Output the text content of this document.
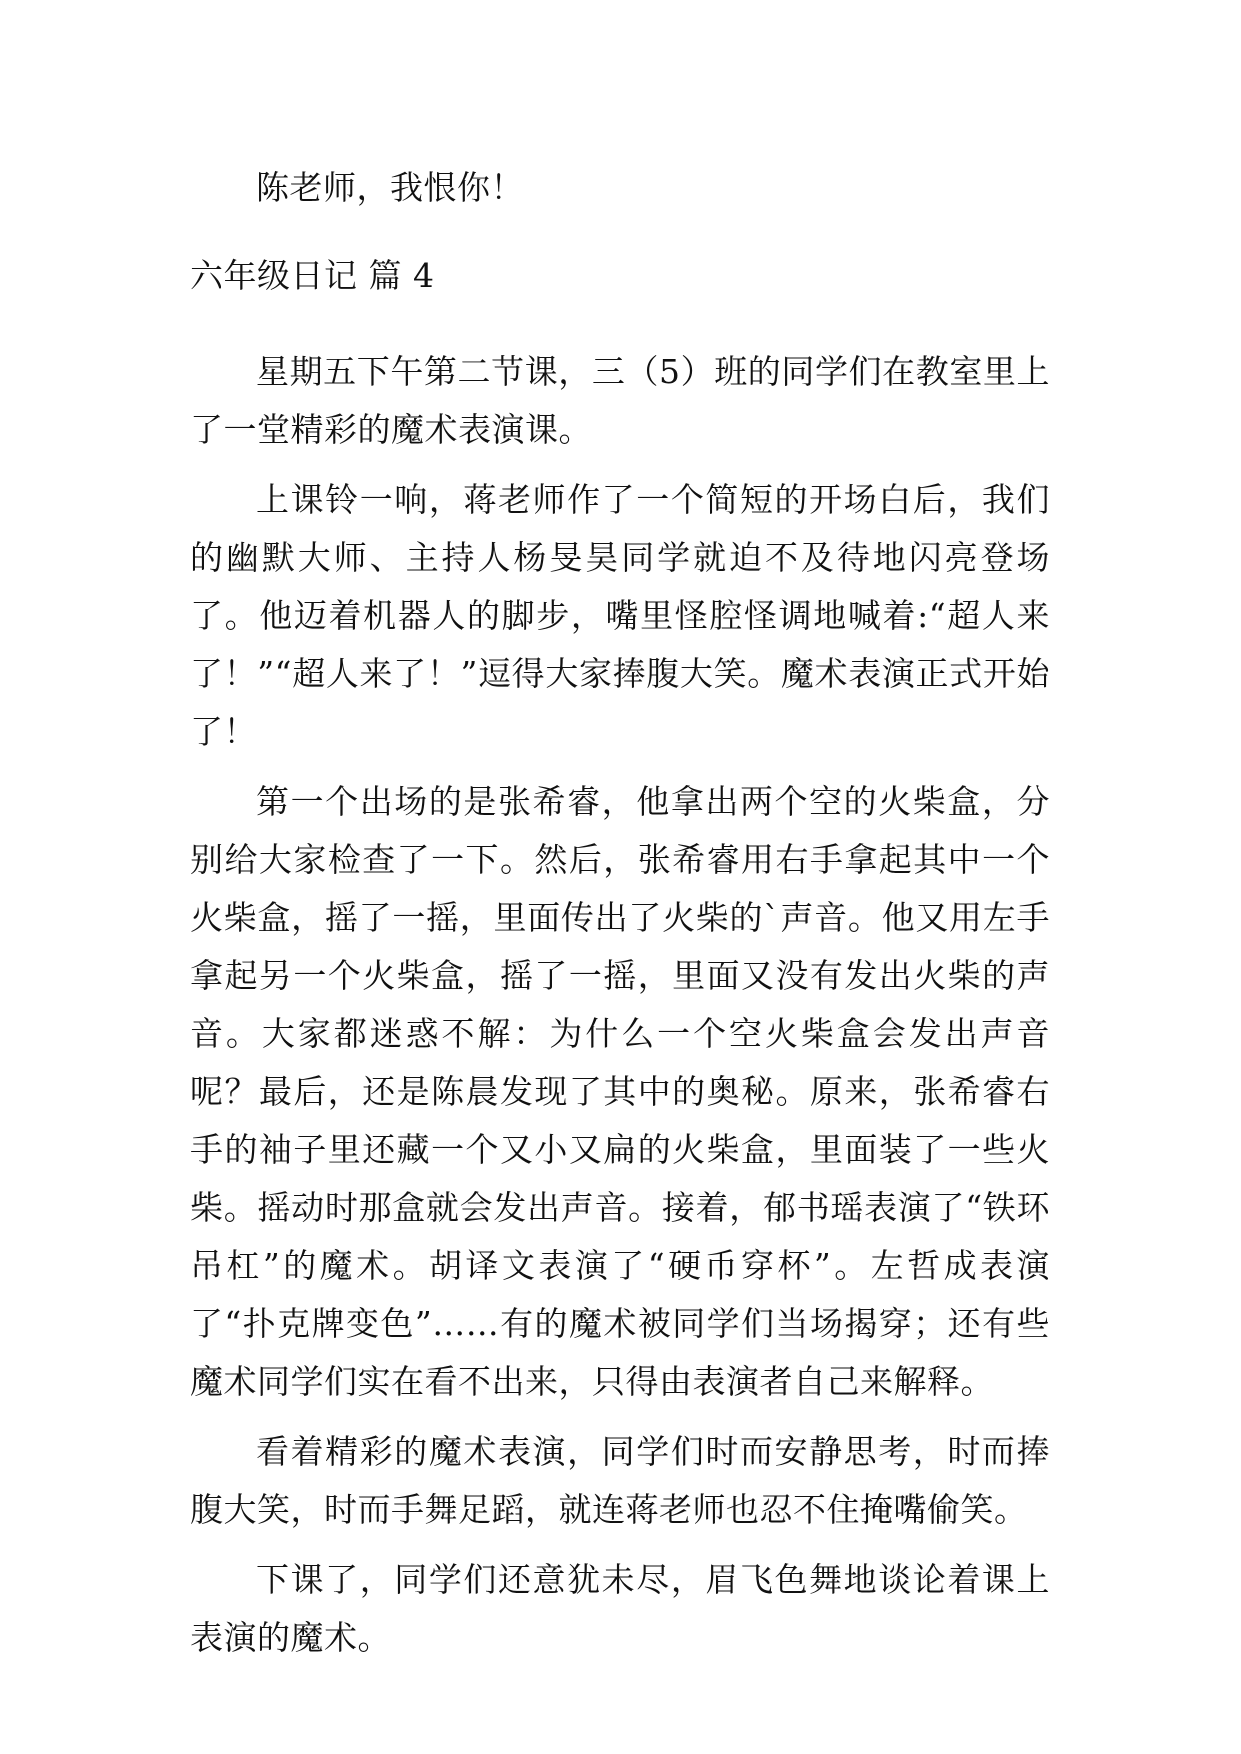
陈老师，我恨你！
六年级日记 篇 4

星期五下午第二节课，三（5）班的同学们在教室里上了一堂精彩的魔术表演课。

上课铃一响，蒋老师作了一个简短的开场白后，我们的幽默大师、主持人杨旻昊同学就迫不及待地闪亮登场了。他迈着机器人的脚步，嘴里怪腔怪调地喊着:“超人来了！”“超人来了！”逗得大家捧腹大笑。魔术表演正式开始了！

第一个出场的是张希睿，他拿出两个空的火柴盒，分别给大家检查了一下。然后，张希睿用右手拿起其中一个火柴盒，摇了一摇，里面传出了火柴的`声音。他又用左手拿起另一个火柴盒，摇了一摇，里面又没有发出火柴的声音。大家都迷惑不解：为什么一个空火柴盒会发出声音呢？最后，还是陈晨发现了其中的奥秘。原来，张希睿右手的袖子里还藏一个又小又扁的火柴盒，里面装了一些火柴。摇动时那盒就会发出声音。接着，郁书瑶表演了“铁环吊杠”的魔术。胡译文表演了“硬币穿杯”。左哲成表演了“扑克牌变色”……有的魔术被同学们当场揭穿；还有些魔术同学们实在看不出来，只得由表演者自己来解释。

看着精彩的魔术表演，同学们时而安静思考，时而捧腹大笑，时而手舞足蹈，就连蒋老师也忍不住掩嘴偷笑。

下课了，同学们还意犹未尽，眉飞色舞地谈论着课上表演的魔术。
